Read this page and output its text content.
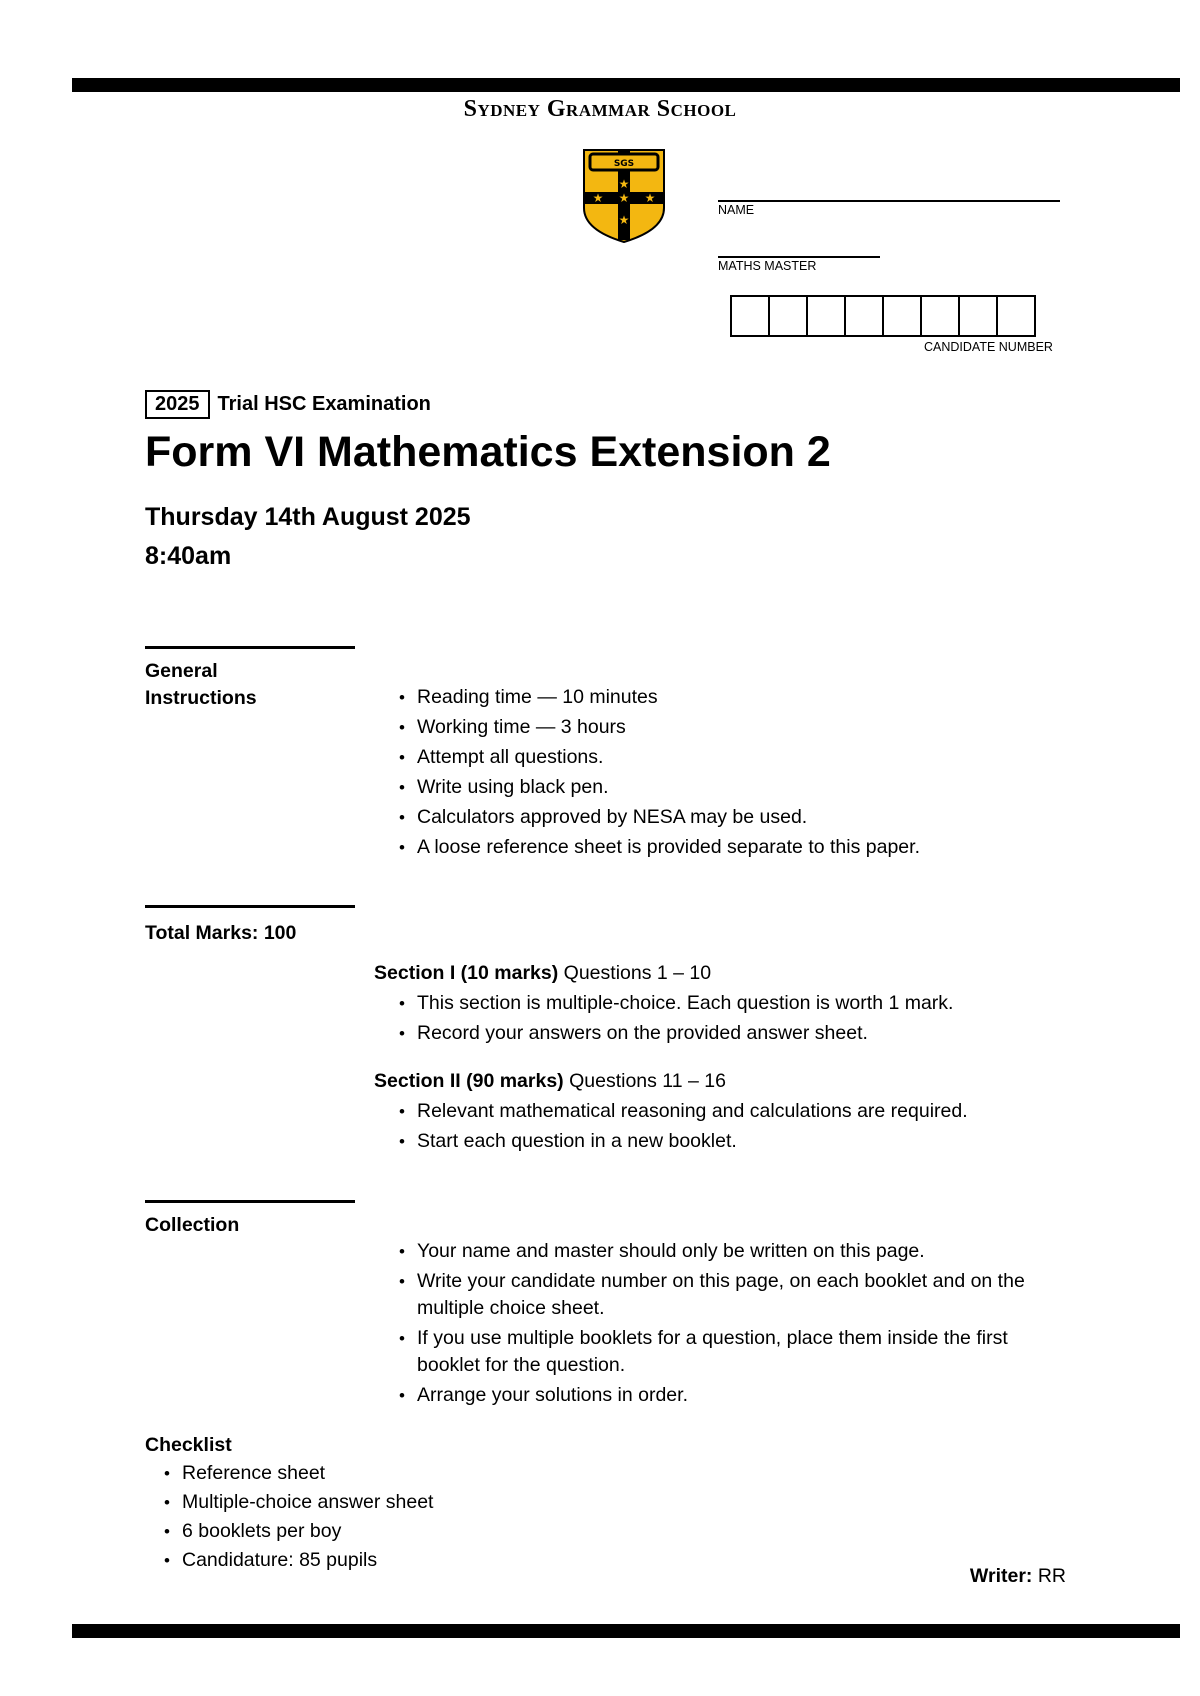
Sydney Grammar School
SGS
★
★ ★ ★
★
NAME
MATHS MASTER
CANDIDATE NUMBER
2025 Trial HSC Examination
Form VI Mathematics Extension 2
Thursday 14th August 2025
8:40am
General
Instructions
•	Reading time — 10 minutes
• Working time — 3 hours
• Attempt all questions.
• Write using black pen.
• Calculators approved by NESA may be used.
• A loose reference sheet is provided separate to this paper.
Total Marks: 100
Section I (10 marks) Questions 1 – 10
• This section is multiple-choice. Each question is worth 1 mark.
• Record your answers on the provided answer sheet.
Section II (90 marks) Questions 11 – 16
• Relevant mathematical reasoning and calculations are required.
• Start each question in a new booklet.
Collection
• Your name and master should only be written on this page.
• Write your candidate number on this page, on each booklet and on the multiple choice sheet.
• If you use multiple booklets for a question, place them inside the first booklet for the question.
• Arrange your solutions in order.
Checklist
• Reference sheet
• Multiple-choice answer sheet
• 6 booklets per boy
• Candidature: 85 pupils
Writer: RR
